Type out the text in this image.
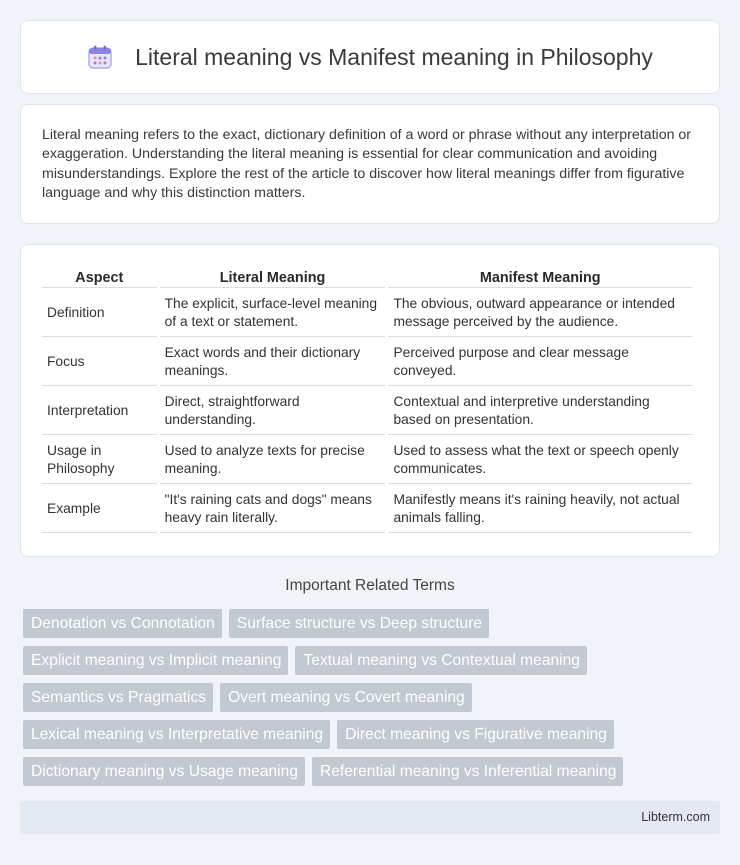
Literal meaning vs Manifest meaning in Philosophy

Literal meaning refers to the exact, dictionary definition of a word or phrase without any interpretation or exaggeration. Understanding the literal meaning is essential for clear communication and avoiding misunderstandings. Explore the rest of the article to discover how literal meanings differ from figurative language and why this distinction matters.

Aspect	Literal Meaning	Manifest Meaning
Definition	The explicit, surface-level meaning of a text or statement.	The obvious, outward appearance or intended message perceived by the audience.
Focus	Exact words and their dictionary meanings.	Perceived purpose and clear message conveyed.
Interpretation	Direct, straightforward understanding.	Contextual and interpretive understanding based on presentation.
Usage in Philosophy	Used to analyze texts for precise meaning.	Used to assess what the text or speech openly communicates.
Example	"It's raining cats and dogs" means heavy rain literally.	Manifestly means it's raining heavily, not actual animals falling.
Important Related Terms
Denotation vs Connotation	Surface structure vs Deep structure
Explicit meaning vs Implicit meaning	Textual meaning vs Contextual meaning
Semantics vs Pragmatics	Overt meaning vs Covert meaning
Lexical meaning vs Interpretative meaning	Direct meaning vs Figurative meaning
Dictionary meaning vs Usage meaning	Referential meaning vs Inferential meaning
Libterm.com
